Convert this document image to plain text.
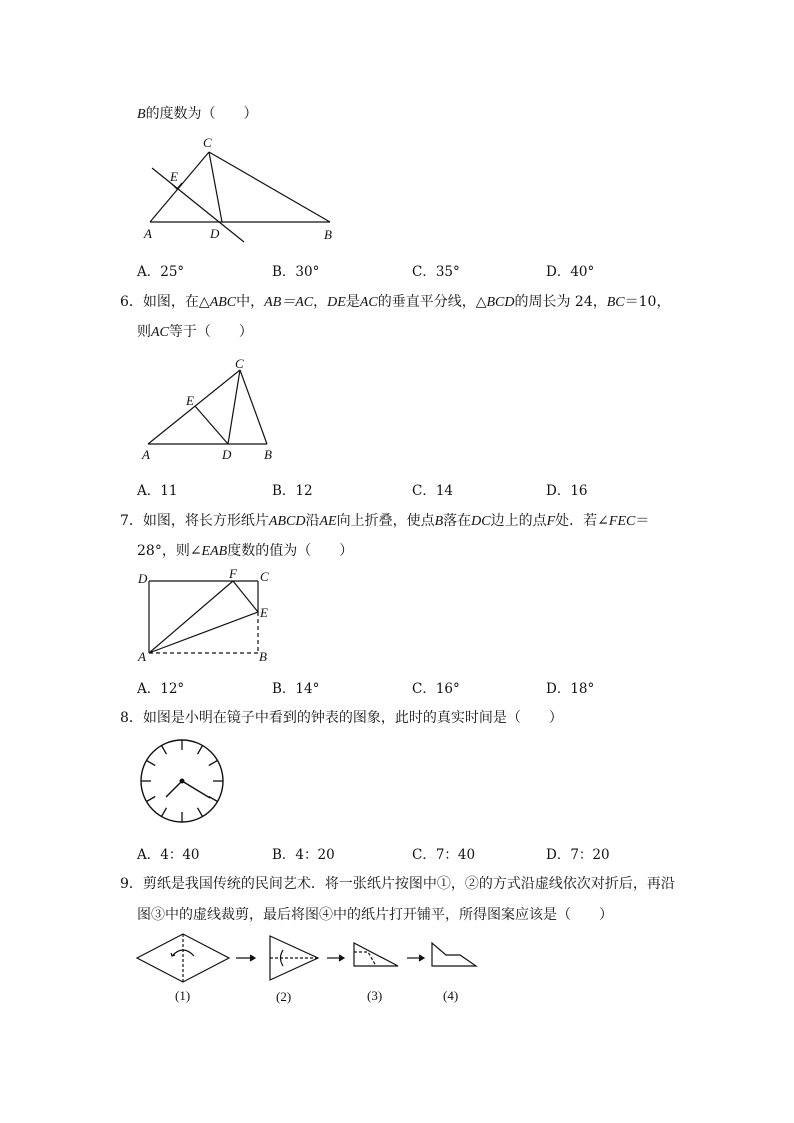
B的度数为（　　）
C
E
A	D	B
A．25°	B．30°	C．35°	D．40°
6．如图，在△ABC中，AB＝AC，DE是AC的垂直平分线，△BCD的周长为 24，BC＝10，
则AC等于（　　）
C
E
A	D	B
A．11	B．12	C．14	D．16
7．如图，将长方形纸片ABCD沿AE向上折叠，使点B落在DC边上的点F处．若∠FEC＝
28°，则∠EAB度数的值为（　　）
D	F C
E
A	B
A．12°	B．14°	C．16°	D．18°
8．如图是小明在镜子中看到的钟表的图象，此时的真实时间是（　　）
A．4：40	B．4：20	C．7：40	D．7：20
9．剪纸是我国传统的民间艺术．将一张纸片按图中①，②的方式沿虚线依次对折后，再沿
图③中的虚线裁剪，最后将图④中的纸片打开铺平，所得图案应该是（　　）
(1)	(2)	(3)	(4)
